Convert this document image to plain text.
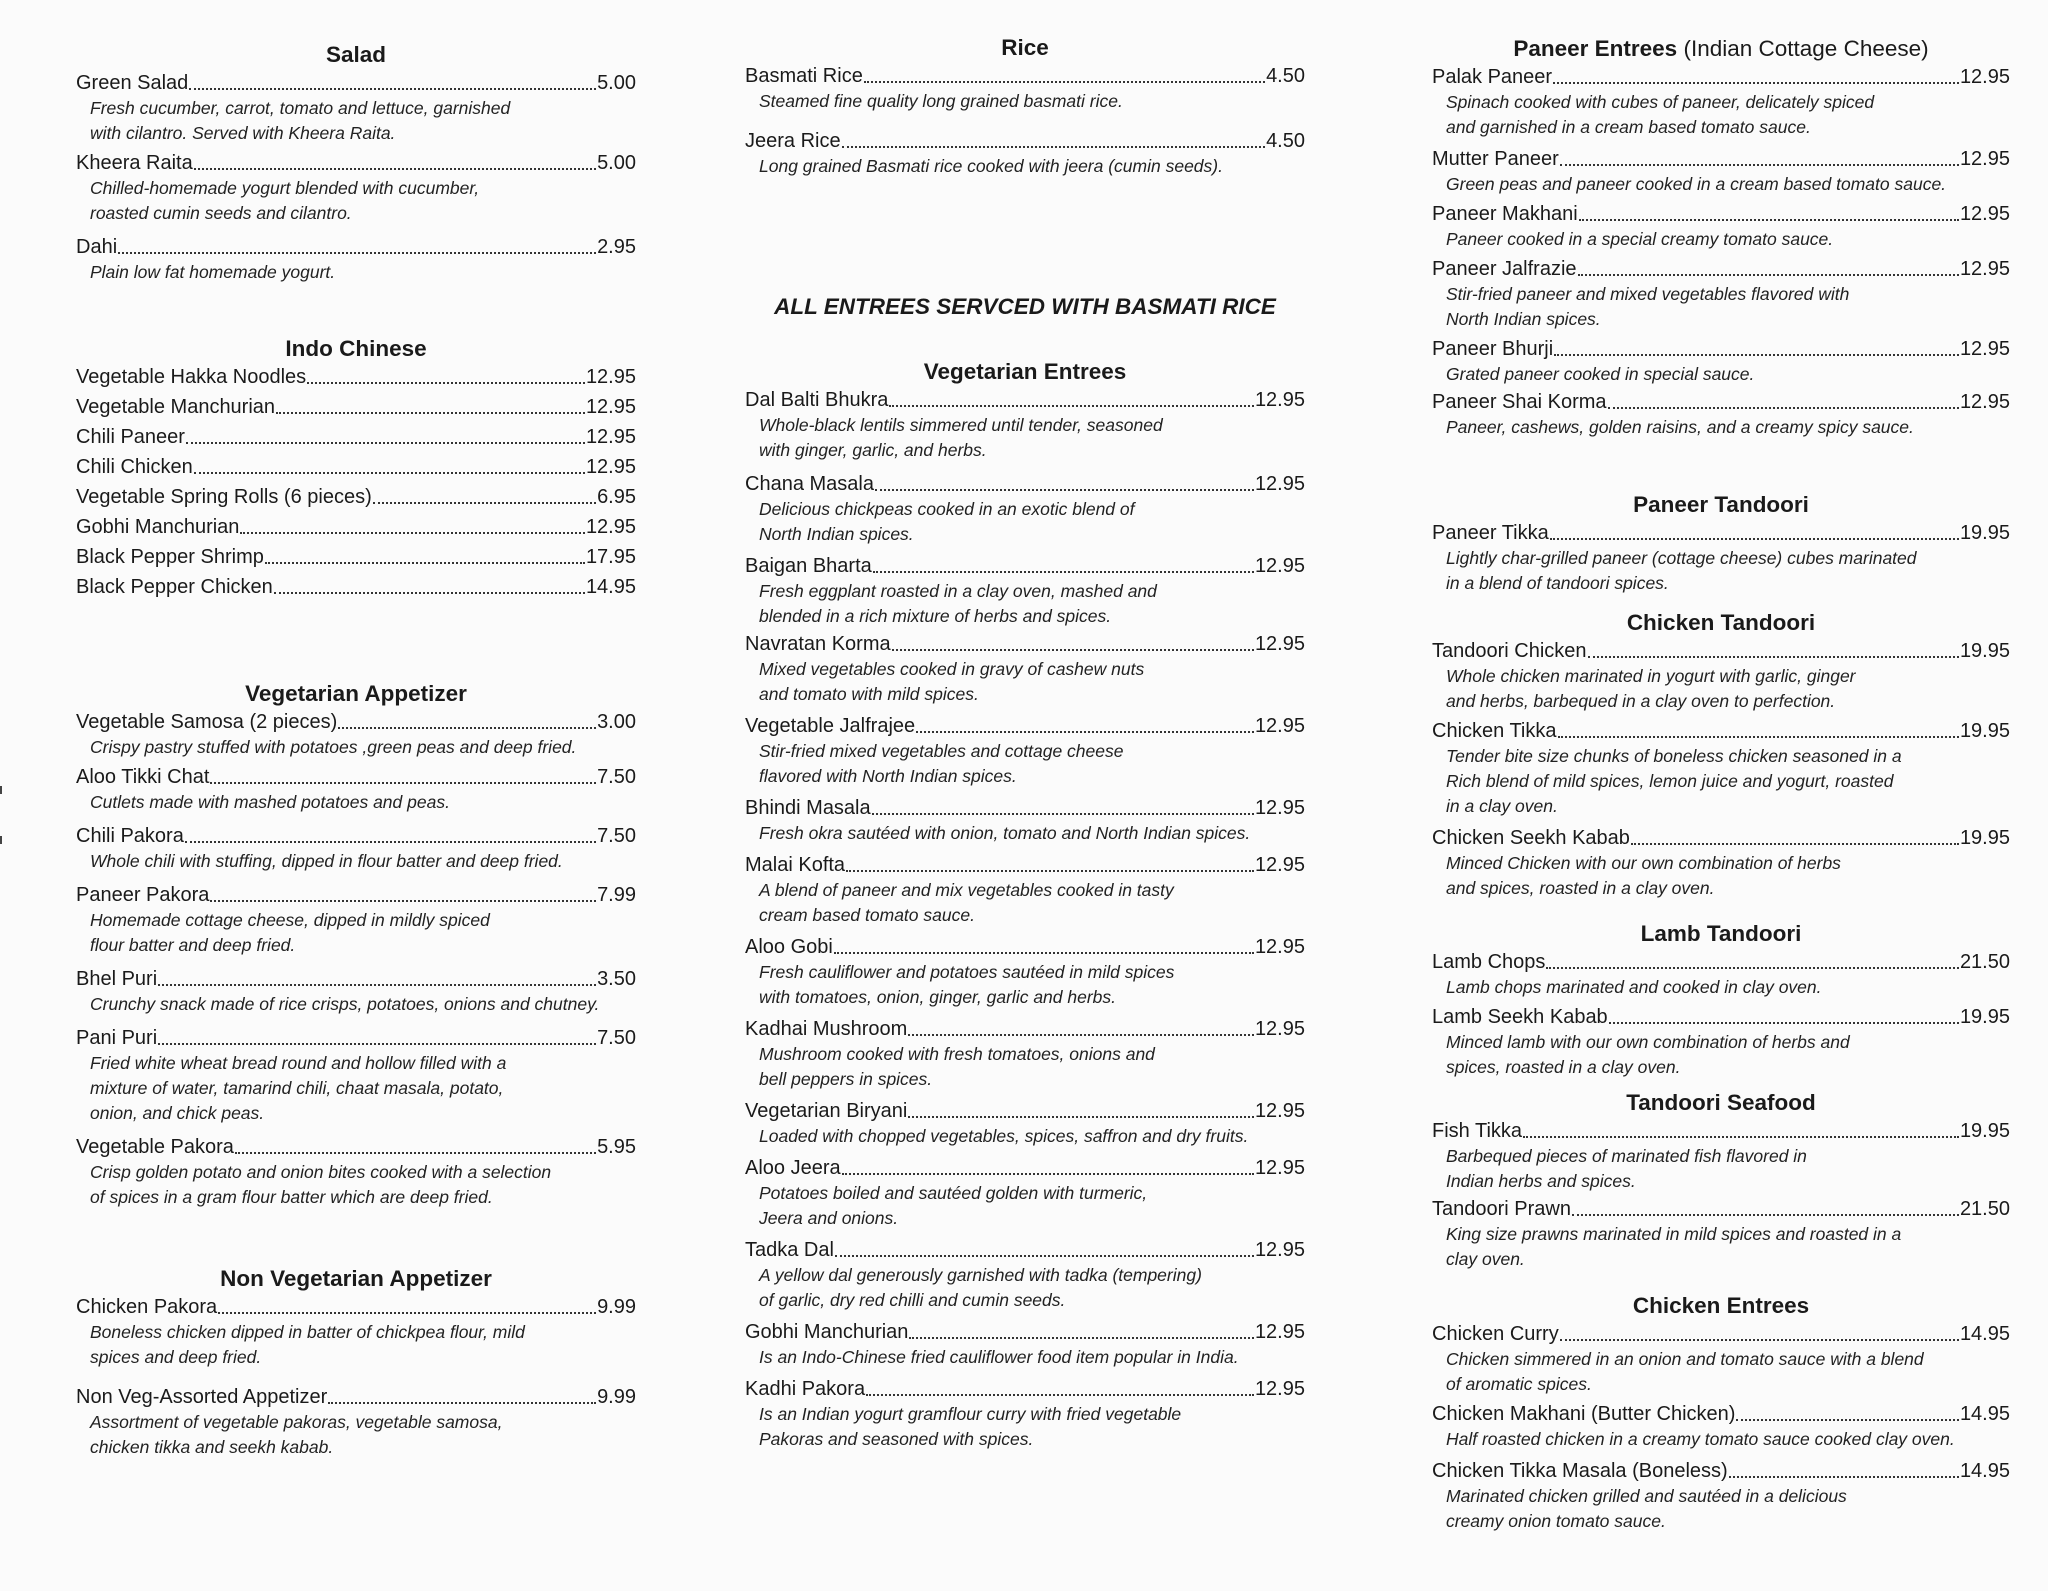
Salad
Green Salad	5.00
Fresh cucumber, carrot, tomato and lettuce, garnished
with cilantro. Served with Kheera Raita.
Kheera Raita	5.00
Chilled-homemade yogurt blended with cucumber,
roasted cumin seeds and cilantro.
Dahi	2.95
Plain low fat homemade yogurt.
Indo Chinese
Vegetable Hakka Noodles	12.95
Vegetable Manchurian	12.95
Chili Paneer	12.95
Chili Chicken	12.95
Vegetable Spring Rolls (6 pieces)	6.95
Gobhi Manchurian	12.95
Black Pepper Shrimp	17.95
Black Pepper Chicken	14.95
Vegetarian Appetizer
Vegetable Samosa (2 pieces)	3.00
Crispy pastry stuffed with potatoes ,green peas and deep fried.
Aloo Tikki Chat	7.50
Cutlets made with mashed potatoes and peas.
Chili Pakora	7.50
Whole chili with stuffing, dipped in flour batter and deep fried.
Paneer Pakora	7.99
Homemade cottage cheese, dipped in mildly spiced
flour batter and deep fried.
Bhel Puri	3.50
Crunchy snack made of rice crisps, potatoes, onions and chutney.
Pani Puri	7.50
Fried white wheat bread round and hollow filled with a
mixture of water, tamarind chili, chaat masala, potato,
onion, and chick peas.
Vegetable Pakora	5.95
Crisp golden potato and onion bites cooked with a selection
of spices in a gram flour batter which are deep fried.
Non Vegetarian Appetizer
Chicken Pakora	9.99
Boneless chicken dipped in batter of chickpea flour, mild
spices and deep fried.
Non Veg-Assorted Appetizer	9.99
Assortment of vegetable pakoras, vegetable samosa,
chicken tikka and seekh kabab.
Rice
Basmati Rice	4.50
Steamed fine quality long grained basmati rice.
Jeera Rice	4.50
Long grained Basmati rice cooked with jeera (cumin seeds).
ALL ENTREES SERVCED WITH BASMATI RICE
Vegetarian Entrees
Dal Balti Bhukra	12.95
Whole-black lentils simmered until tender, seasoned
with ginger, garlic, and herbs.
Chana Masala	12.95
Delicious chickpeas cooked in an exotic blend of
North Indian spices.
Baigan Bharta	12.95
Fresh eggplant roasted in a clay oven, mashed and
blended in a rich mixture of herbs and spices.
Navratan Korma	12.95
Mixed vegetables cooked in gravy of cashew nuts
and tomato with mild spices.
Vegetable Jalfrajee	12.95
Stir-fried mixed vegetables and cottage cheese
flavored with North Indian spices.
Bhindi Masala	12.95
Fresh okra sautéed with onion, tomato and North Indian spices.
Malai Kofta	12.95
A blend of paneer and mix vegetables cooked in tasty
cream based tomato sauce.
Aloo Gobi	12.95
Fresh cauliflower and potatoes sautéed in mild spices
with tomatoes, onion, ginger, garlic and herbs.
Kadhai Mushroom	12.95
Mushroom cooked with fresh tomatoes, onions and
bell peppers in spices.
Vegetarian Biryani	12.95
Loaded with chopped vegetables, spices, saffron and dry fruits.
Aloo Jeera	12.95
Potatoes boiled and sautéed golden with turmeric,
Jeera and onions.
Tadka Dal	12.95
A yellow dal generously garnished with tadka (tempering)
of garlic, dry red chilli and cumin seeds.
Gobhi Manchurian	12.95
Is an Indo-Chinese fried cauliflower food item popular in India.
Kadhi Pakora	12.95
Is an Indian yogurt gramflour curry with fried vegetable
Pakoras and seasoned with spices.
Paneer Entrees (Indian Cottage Cheese)
Palak Paneer	12.95
Spinach cooked with cubes of paneer, delicately spiced
and garnished in a cream based tomato sauce.
Mutter Paneer	12.95
Green peas and paneer cooked in a cream based tomato sauce.
Paneer Makhani	12.95
Paneer cooked in a special creamy tomato sauce.
Paneer Jalfrazie	12.95
Stir-fried paneer and mixed vegetables flavored with
North Indian spices.
Paneer Bhurji	12.95
Grated paneer cooked in special sauce.
Paneer Shai Korma	12.95
Paneer, cashews, golden raisins, and a creamy spicy sauce.
Paneer Tandoori
Paneer Tikka	19.95
Lightly char-grilled paneer (cottage cheese) cubes marinated
in a blend of tandoori spices.
Chicken Tandoori
Tandoori Chicken	19.95
Whole chicken marinated in yogurt with garlic, ginger
and herbs, barbequed in a clay oven to perfection.
Chicken Tikka	19.95
Tender bite size chunks of boneless chicken seasoned in a
Rich blend of mild spices, lemon juice and yogurt, roasted
in a clay oven.
Chicken Seekh Kabab	19.95
Minced Chicken with our own combination of herbs
and spices, roasted in a clay oven.
Lamb Tandoori
Lamb Chops	21.50
Lamb chops marinated and cooked in clay oven.
Lamb Seekh Kabab	19.95
Minced lamb with our own combination of herbs and
spices, roasted in a clay oven.
Tandoori Seafood
Fish Tikka	19.95
Barbequed pieces of marinated fish flavored in
Indian herbs and spices.
Tandoori Prawn	21.50
King size prawns marinated in mild spices and roasted in a
clay oven.
Chicken Entrees
Chicken Curry	14.95
Chicken simmered in an onion and tomato sauce with a blend
of aromatic spices.
Chicken Makhani (Butter Chicken)	14.95
Half roasted chicken in a creamy tomato sauce cooked clay oven.
Chicken Tikka Masala (Boneless)	14.95
Marinated chicken grilled and sautéed in a delicious
creamy onion tomato sauce.
